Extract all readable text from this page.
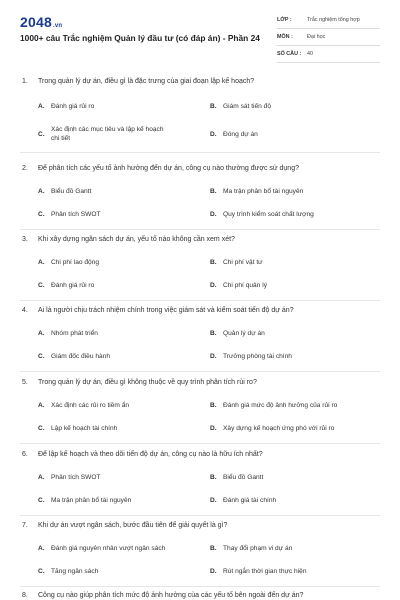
2048.vn
1000+ câu Trắc nghiệm Quản lý đầu tư (có đáp án) - Phần 24
LỚP :	Trắc nghiệm tổng hợp
MÔN :	Đại học
SỐ CÂU :	40
1. Trong quản lý dự án, điều gì là đặc trưng của giai đoạn lập kế hoạch?
A. Đánh giá rủi ro	B. Giám sát tiến độ
C.
Xác định các mục tiêu và lập kế hoạch chi tiết
D. Đóng dự án
2. Để phân tích các yếu tố ảnh hưởng đến dự án, công cụ nào thường được sử dụng?
A. Biểu đồ Gantt	B. Ma trận phân bổ tài nguyên
C. Phân tích SWOT	D. Quy trình kiểm soát chất lượng
3. Khi xây dựng ngân sách dự án, yếu tố nào không cần xem xét?
A. Chi phí lao động	B. Chi phí vật tư
C. Đánh giá rủi ro	D. Chi phí quản lý
4. Ai là người chịu trách nhiệm chính trong việc giám sát và kiểm soát tiến độ dự án?
A. Nhóm phát triển	B. Quản lý dự án
C. Giám đốc điều hành	D. Trưởng phòng tài chính
5. Trong quản lý dự án, điều gì không thuộc về quy trình phân tích rủi ro?
A. Xác định các rủi ro tiềm ẩn	B. Đánh giá mức độ ảnh hưởng của rủi ro
C. Lập kế hoạch tài chính	D. Xây dựng kế hoạch ứng phó với rủi ro
6. Để lập kế hoạch và theo dõi tiến độ dự án, công cụ nào là hữu ích nhất?
A. Phân tích SWOT	B. Biểu đồ Gantt
C. Ma trận phân bổ tài nguyên	D. Đánh giá tài chính
7. Khi dự án vượt ngân sách, bước đầu tiên để giải quyết là gì?
A. Đánh giá nguyên nhân vượt ngân sách	B. Thay đổi phạm vi dự án
C. Tăng ngân sách	D. Rút ngắn thời gian thực hiện
8. Công cụ nào giúp phân tích mức độ ảnh hưởng của các yếu tố bên ngoài đến dự án?
